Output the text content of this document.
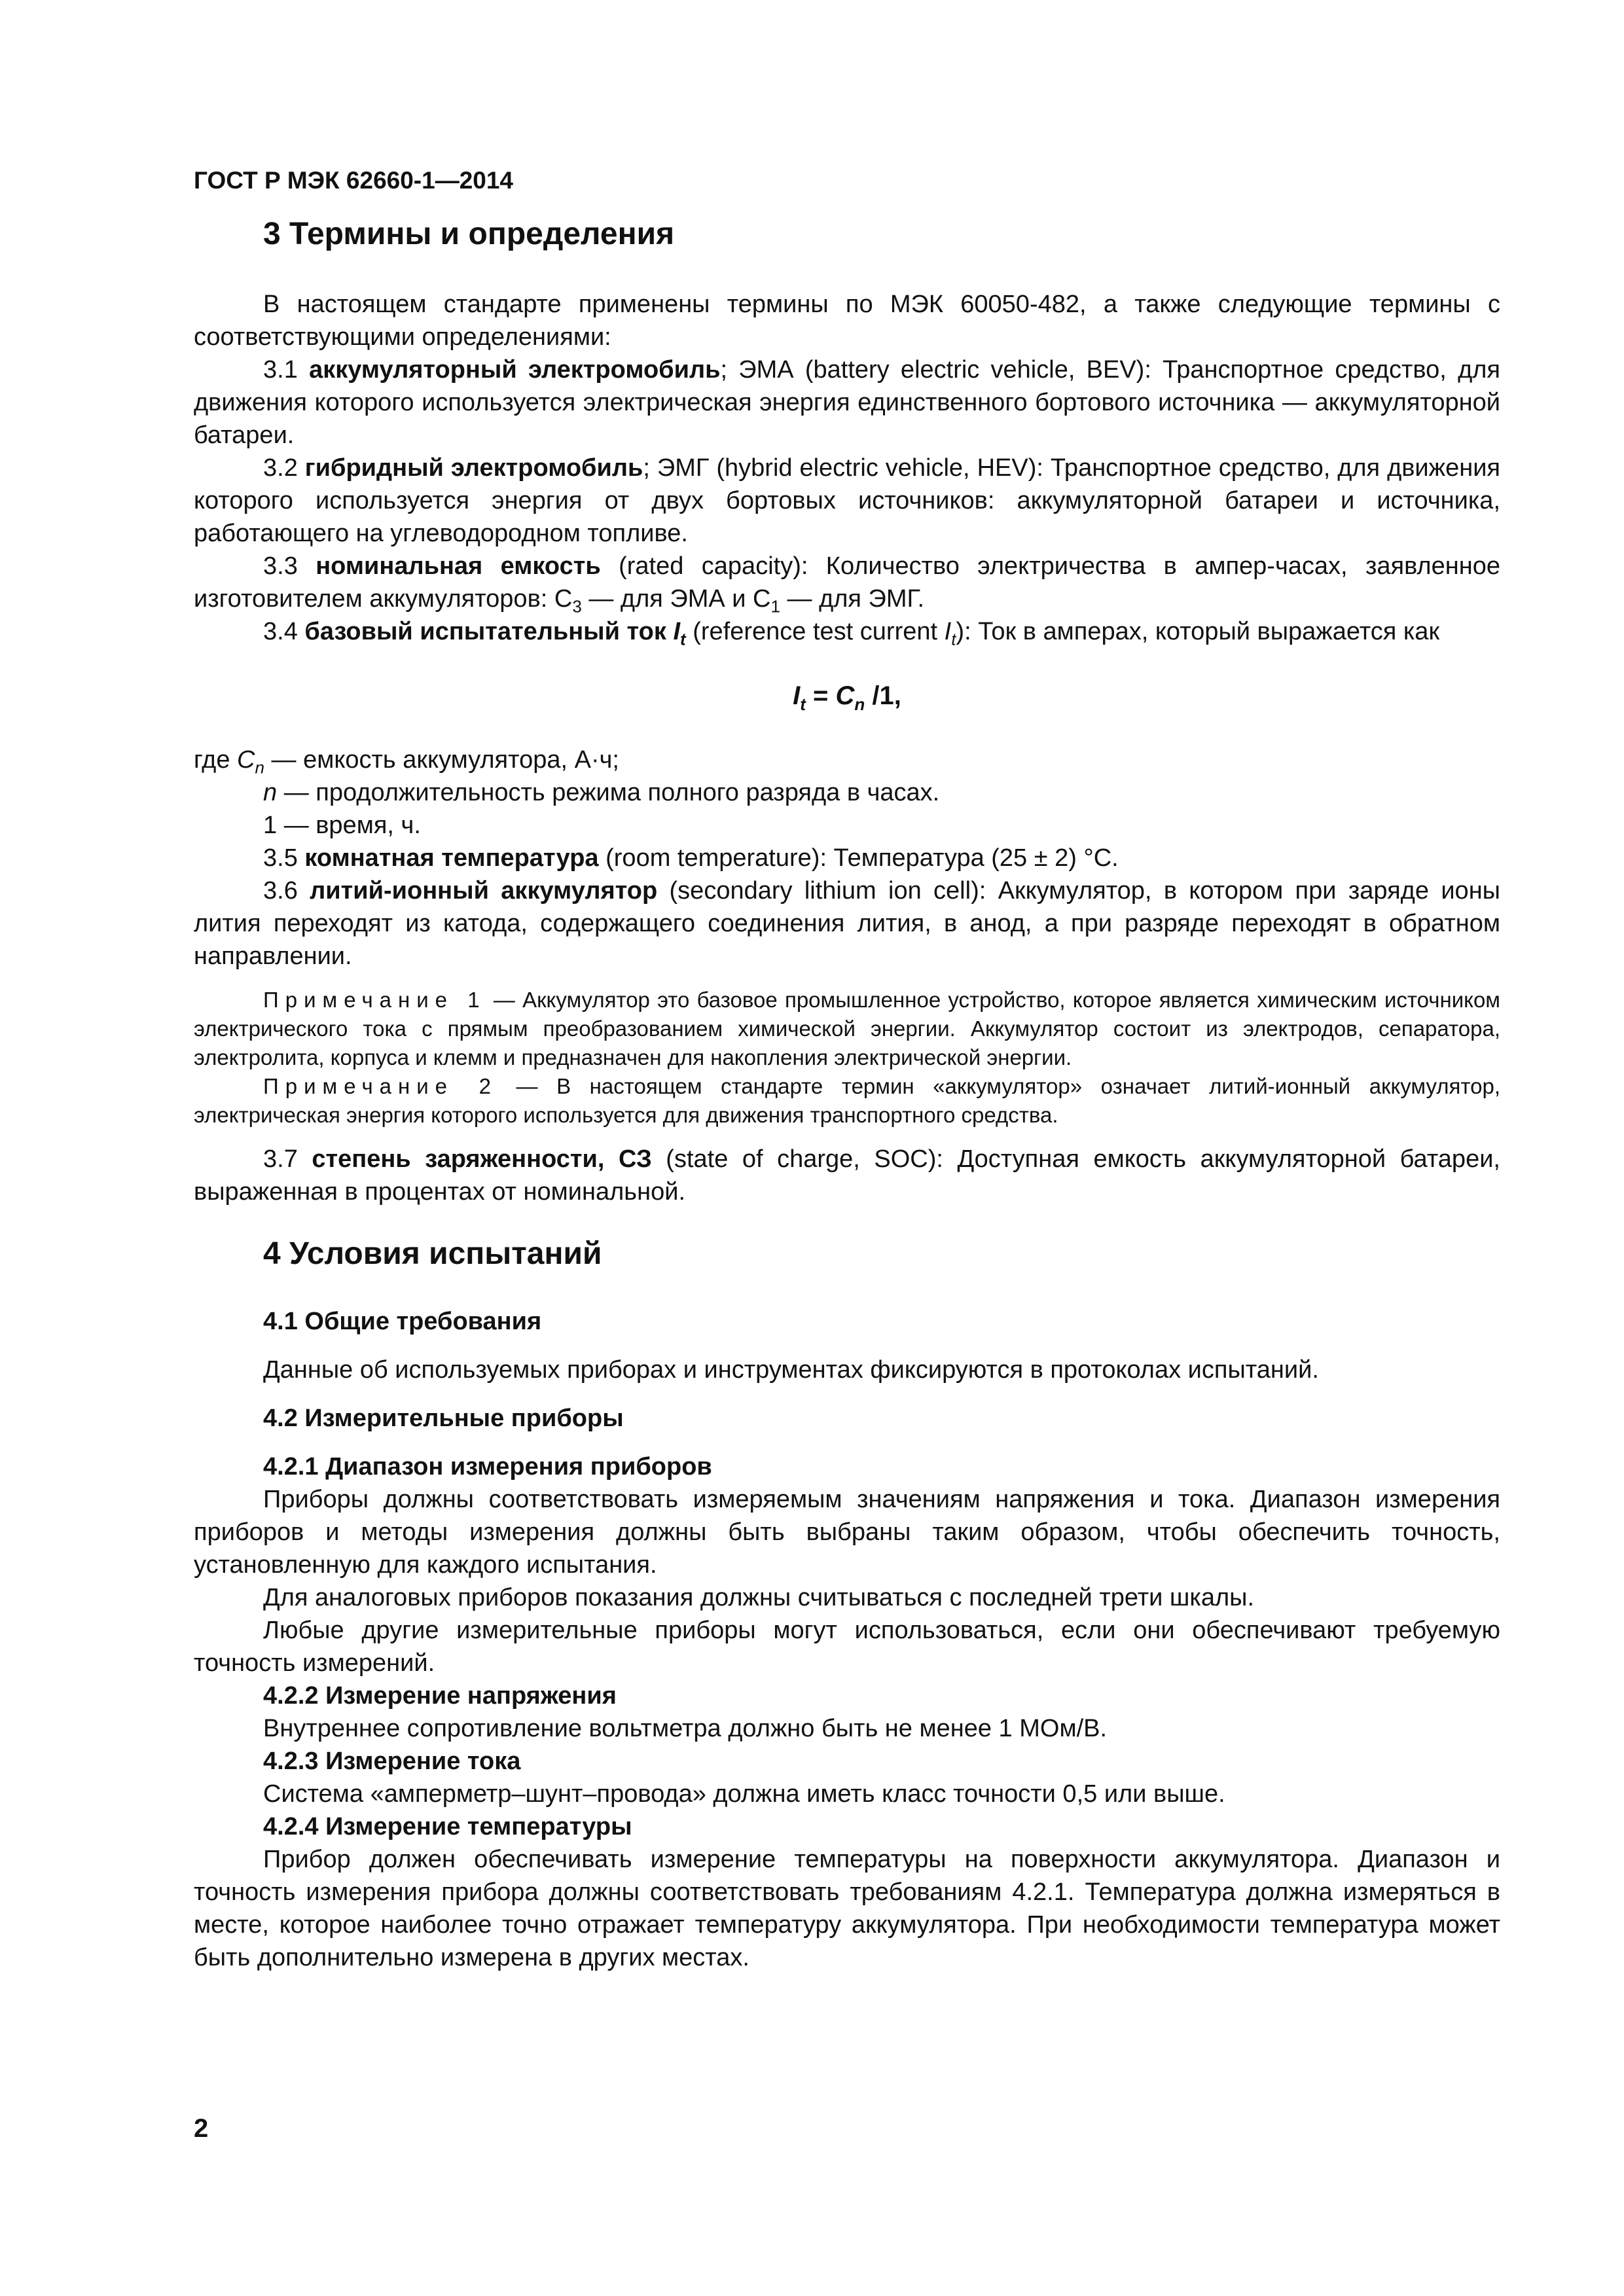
ГОСТ Р МЭК 62660-1—2014
3 Термины и определения

В настоящем стандарте применены термины по МЭК 60050-482, а также следующие термины с соответствующими определениями:

3.1 аккумуляторный электромобиль; ЭМА (battery electric vehicle, BEV): Транспортное средство, для движения которого используется электрическая энергия единственного бортового источника — аккумуляторной батареи.

3.2 гибридный электромобиль; ЭМГ (hybrid electric vehicle, HEV): Транспортное средство, для движения которого используется энергия от двух бортовых источников: аккумуляторной батареи и источника, работающего на углеводородном топливе.

3.3 номинальная емкость (rated capacity): Количество электричества в ампер-часах, заявленное изготовителем аккумуляторов: $C_3$ — для ЭМА и $C_1$ — для ЭМГ.

3.4 базовый испытательный ток $I_t$ (reference test current $I_t$): Ток в амперах, который выражается как

$I_t = C_n$ /1,

где $C_n$ — емкость аккумулятора, А·ч;

n — продолжительность режима полного разряда в часах.

1 — время, ч.

3.5 комнатная температура (room temperature): Температура (25 ± 2) °С.

3.6 литий-ионный аккумулятор (secondary lithium ion cell): Аккумулятор, в котором при заряде ионы лития переходят из катода, содержащего соединения лития, в анод, а при разряде переходят в обратном направлении.

Примечание 1 — Аккумулятор это базовое промышленное устройство, которое является химическим источником электрического тока с прямым преобразованием химической энергии. Аккумулятор состоит из электродов, сепаратора, электролита, корпуса и клемм и предназначен для накопления электрической энергии.

Примечание 2 — В настоящем стандарте термин «аккумулятор» означает литий-ионный аккумулятор, электрическая энергия которого используется для движения транспортного средства.

3.7 степень заряженности, СЗ (state of charge, SOC): Доступная емкость аккумуляторной батареи, выраженная в процентах от номинальной.

4 Условия испытаний
4.1 Общие требования

Данные об используемых приборах и инструментах фиксируются в протоколах испытаний.

4.2 Измерительные приборы
4.2.1 Диапазон измерения приборов

Приборы должны соответствовать измеряемым значениям напряжения и тока. Диапазон измерения приборов и методы измерения должны быть выбраны таким образом, чтобы обеспечить точность, установленную для каждого испытания.

Для аналоговых приборов показания должны считываться с последней трети шкалы.

Любые другие измерительные приборы могут использоваться, если они обеспечивают требуемую точность измерений.

4.2.2 Измерение напряжения

Внутреннее сопротивление вольтметра должно быть не менее 1 МОм/В.

4.2.3 Измерение тока

Система «амперметр–шунт–провода» должна иметь класс точности 0,5 или выше.

4.2.4 Измерение температуры

Прибор должен обеспечивать измерение температуры на поверхности аккумулятора. Диапазон и точность измерения прибора должны соответствовать требованиям 4.2.1. Температура должна измеряться в месте, которое наиболее точно отражает температуру аккумулятора. При необходимости температура может быть дополнительно измерена в других местах.

2
